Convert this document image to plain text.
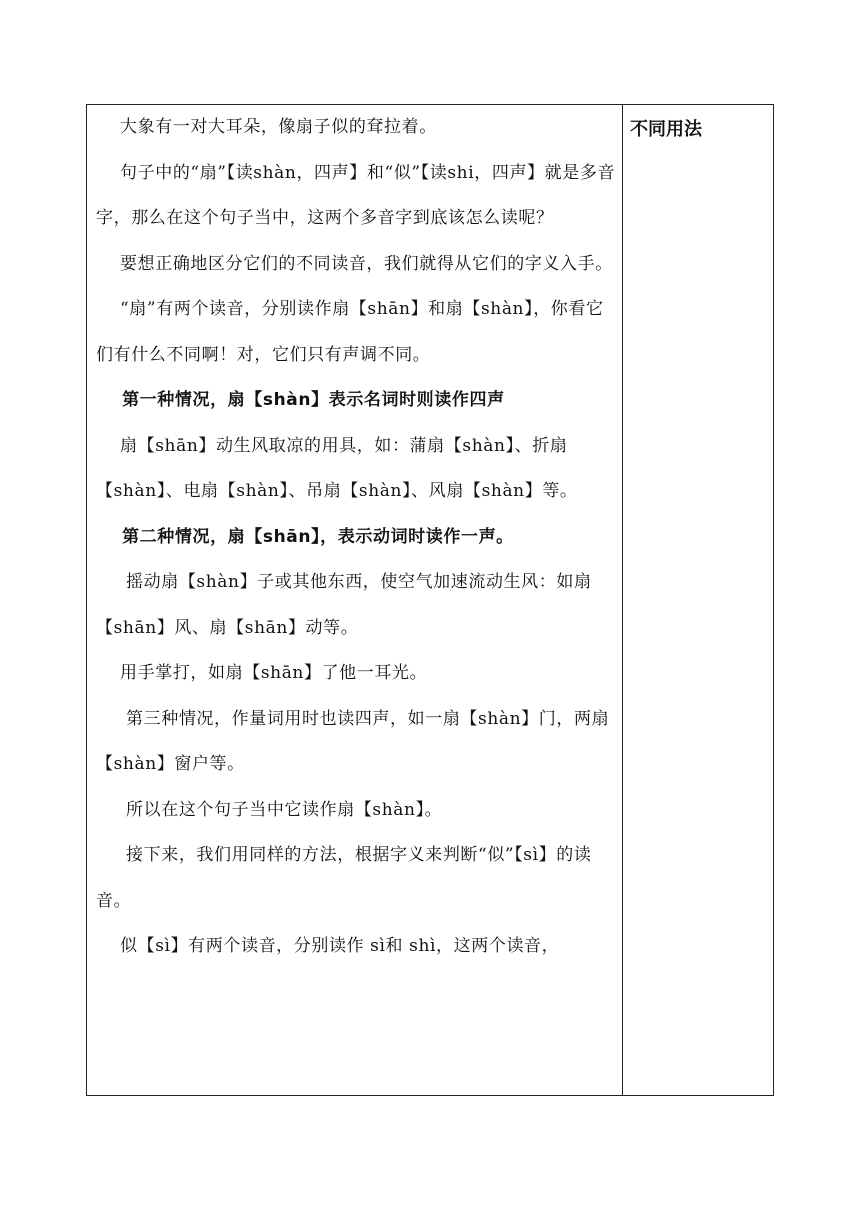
大象有一对大耳朵，像扇子似的耷拉着。

句子中的“扇”【读shàn，四声】和“似”【读shi，四声】就是多音字，那么在这个句子当中，这两个多音字到底该怎么读呢？

要想正确地区分它们的不同读音，我们就得从它们的字义入手。

“扇”有两个读音，分别读作扇【shān】和扇【shàn】，你看它们有什么不同啊！对，它们只有声调不同。

第一种情况，扇【shàn】表示名词时则读作四声

扇【shān】动生风取凉的用具，如：蒲扇【shàn】、折扇【shàn】、电扇【shàn】、吊扇【shàn】、风扇【shàn】等。

第二种情况，扇【shān】，表示动词时读作一声。

摇动扇【shàn】子或其他东西，使空气加速流动生风：如扇【shān】风、扇【shān】动等。

用手掌打，如扇【shān】了他一耳光。

第三种情况，作量词用时也读四声，如一扇【shàn】门，两扇【shàn】窗户等。

所以在这个句子当中它读作扇【shàn】。

接下来，我们用同样的方法，根据字义来判断“似”【sì】的读音。

似【sì】有两个读音，分别读作 sì和 shì，这两个读音，

不同用法
